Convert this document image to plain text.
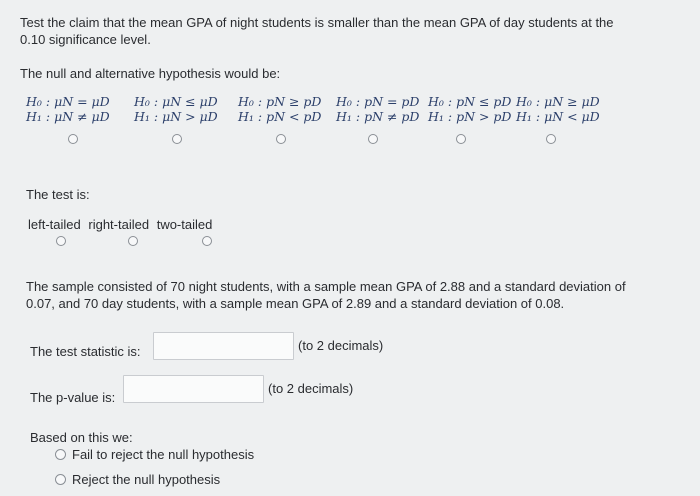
Test the claim that the mean GPA of night students is smaller than the mean GPA of day students at the
0.10 significance level.
The null and alternative hypothesis would be:
H₀ : μN = μD
H₁ : μN ≠ μD
H₀ : μN ≤ μD
H₁ : μN > μD
H₀ : pN ≥ pD
H₁ : pN < pD
H₀ : pN = pD
H₁ : pN ≠ pD
H₀ : pN ≤ pD
H₁ : pN > pD
H₀ : μN ≥ μD
H₁ : μN < μD
The test is:
left-tailed right-tailed two-tailed
The sample consisted of 70 night students, with a sample mean GPA of 2.88 and a standard deviation of
0.07, and 70 day students, with a sample mean GPA of 2.89 and a standard deviation of 0.08.
The test statistic is:	(to 2 decimals)
The p-value is:
(to 2 decimals)
Based on this we:
Fail to reject the null hypothesis
Reject the null hypothesis
